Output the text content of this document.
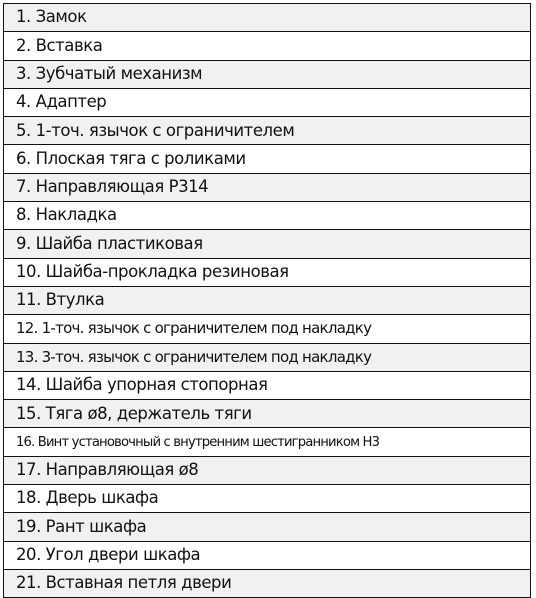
1. Замок
2. Вставка
3. Зубчатый механизм
4. Адаптер
5. 1-точ. язычок с ограничителем
6. Плоская тяга с роликами
7. Направляющая Р314
8. Накладка
9. Шайба пластиковая
10. Шайба-прокладка резиновая
11. Втулка
12. 1-точ. язычок с ограничителем под накладку
13. 3-точ. язычок с ограничителем под накладку
14. Шайба упорная стопорная
15. Тяга ø8, держатель тяги
16. Винт установочный с внутренним шестигранником Н3
17. Направляющая ø8
18. Дверь шкафа
19. Рант шкафа
20. Угол двери шкафа
21. Вставная петля двери
